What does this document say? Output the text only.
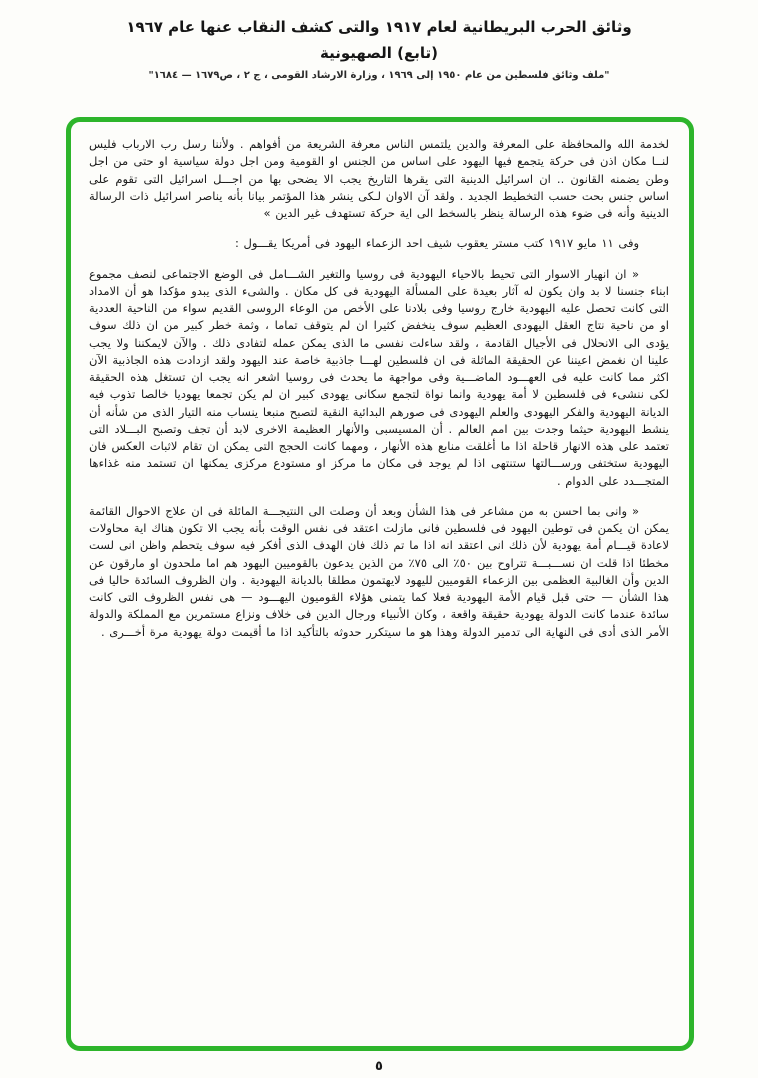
وثائق الحرب البريطانية لعام ١٩١٧ والتى كشف النقاب عنها عام ١٩٦٧
(تابع) الصهيونية
"ملف وثائق فلسطين من عام ١٩٥٠ إلى ١٩٦٩ ، وزارة الارشاد القومى ، ج ٢ ، ص١٦٧٩ — ١٦٨٤"

لخدمة الله والمحافظة على المعرفة والدين يلتمس الناس معرفة الشريعة من أفواهم . ولأننا رسل رب الارباب فليس لنــا مكان اذن فى حركة يتجمع فيها اليهود على اساس من الجنس او القومية ومن اجل دولة سياسية او حتى من اجل وطن يضمنه القانون .. ان اسرائيل الدينية التى يقرها التاريخ يجب الا يضحى بها من اجـــل اسرائيل التى تقوم على اساس جنس بحت حسب التخطيط الجديد . ولقد آن الاوان لـكى ينشر هذا المؤتمر بيانا بأنه يناصر اسرائيل ذات الرسالة الدينية وأنه فى ضوء هذه الرسالة ينظر بالسخط الى اية حركة تستهدف غير الدين »

وفى ١١ مايو ١٩١٧ كتب مستر يعقوب شيف احد الزعماء اليهود فى أمريكا يقـــول :

« ان انهيار الاسوار التى تحيط بالاحياء اليهودية فى روسيا والتغير الشـــامل فى الوضع الاجتماعى لنصف مجموع ابناء جنسنا لا بد وان يكون له آثار بعيدة على المسألة اليهودية فى كل مكان . والشىء الذى يبدو مؤكدا هو أن الامداد التى كانت تحصل عليه اليهودية خارج روسيا وفى بلادنا على الأخص من الوعاء الروسى القديم سواء من الناحية العددية او من ناحية نتاج العقل اليهودى العظيم سوف ينخفض كثيرا ان لم يتوقف تماما ، وثمة خطر كبير من ان ذلك سوف يؤدى الى الانحلال فى الأجيال القادمة ، ولقد ساءلت نفسى ما الذى يمكن عمله لتفادى ذلك . والآن لايمكننا ولا يجب علينا ان نغمض اعيننا عن الحقيقة الماثلة فى ان فلسطين لهـــا جاذبية خاصة عند اليهود ولقد ازدادت هذه الجاذبية الآن اكثر مما كانت عليه فى العهـــود الماضـــية وفى مواجهة ما يحدث فى روسيا اشعر انه يجب ان تستغل هذه الحقيقة لكى ننشىء فى فلسطين لا أمة يهودية وانما نواة لتجمع سكانى يهودى كبير ان لم يكن تجمعا يهوديا خالصا تذوب فيه الديانة اليهودية والفكر اليهودى والعلم اليهودى فى صورهم البدائية النقية لتصبح منبعا ينساب منه التيار الذى من شأنه أن ينشط اليهودية حيثما وجدت بين امم العالم . أن المسيسبى والأنهار العظيمة الاخرى لابد أن تجف وتصبح البـــلاد التى تعتمد على هذه الانهار قاحلة اذا ما أغلقت منابع هذه الأنهار ، ومهما كانت الحجج التى يمكن ان تقام لاثبات العكس فان اليهودية ستختفى ورســـالتها ستنتهى اذا لم يوجد فى مكان ما مركز او مستودع مركزى يمكنها ان تستمد منه غذاءها المتجـــدد على الدوام .

« وانى بما احسن به من مشاعر فى هذا الشأن وبعد أن وصلت الى النتيجـــة المائلة فى ان علاج الاحوال القائمة يمكن ان يكمن فى توطين اليهود فى فلسطين فانى مازلت اعتقد فى نفس الوقت بأنه يجب الا تكون هناك اية محاولات لاعادة قيـــام أمة يهودية لأن ذلك انى اعتقد انه اذا ما تم ذلك فان الهدف الذى أفكر فيه سوف يتحطم واظن انى لست مخطئا اذا قلت ان نســـبـــة تتراوح بين ٥٠٪ الى ٧٥٪ من الذين يدعون بالقوميين اليهود هم اما ملحدون او مارقون عن الدين وأن الغالبية العظمى بين الزعماء القوميين لليهود لايهتمون مطلقا بالديانة اليهودية . وان الظروف السائدة حاليا فى هذا الشأن — حتى قبل قيام الأمة اليهودية فعلا كما يتمنى هؤلاء القوميون اليهـــود — هى نفس الظروف التى كانت سائدة عندما كانت الدولة يهودية حقيقة واقعة ، وكان الأنبياء ورجال الدين فى خلاف ونزاع مستمرين مع المملكة والدولة الأمر الذى أدى فى النهاية الى تدمير الدولة وهذا هو ما سيتكرر حدوثه بالتأكيد اذا ما أقيمت دولة يهودية مرة أخـــرى .

٥
